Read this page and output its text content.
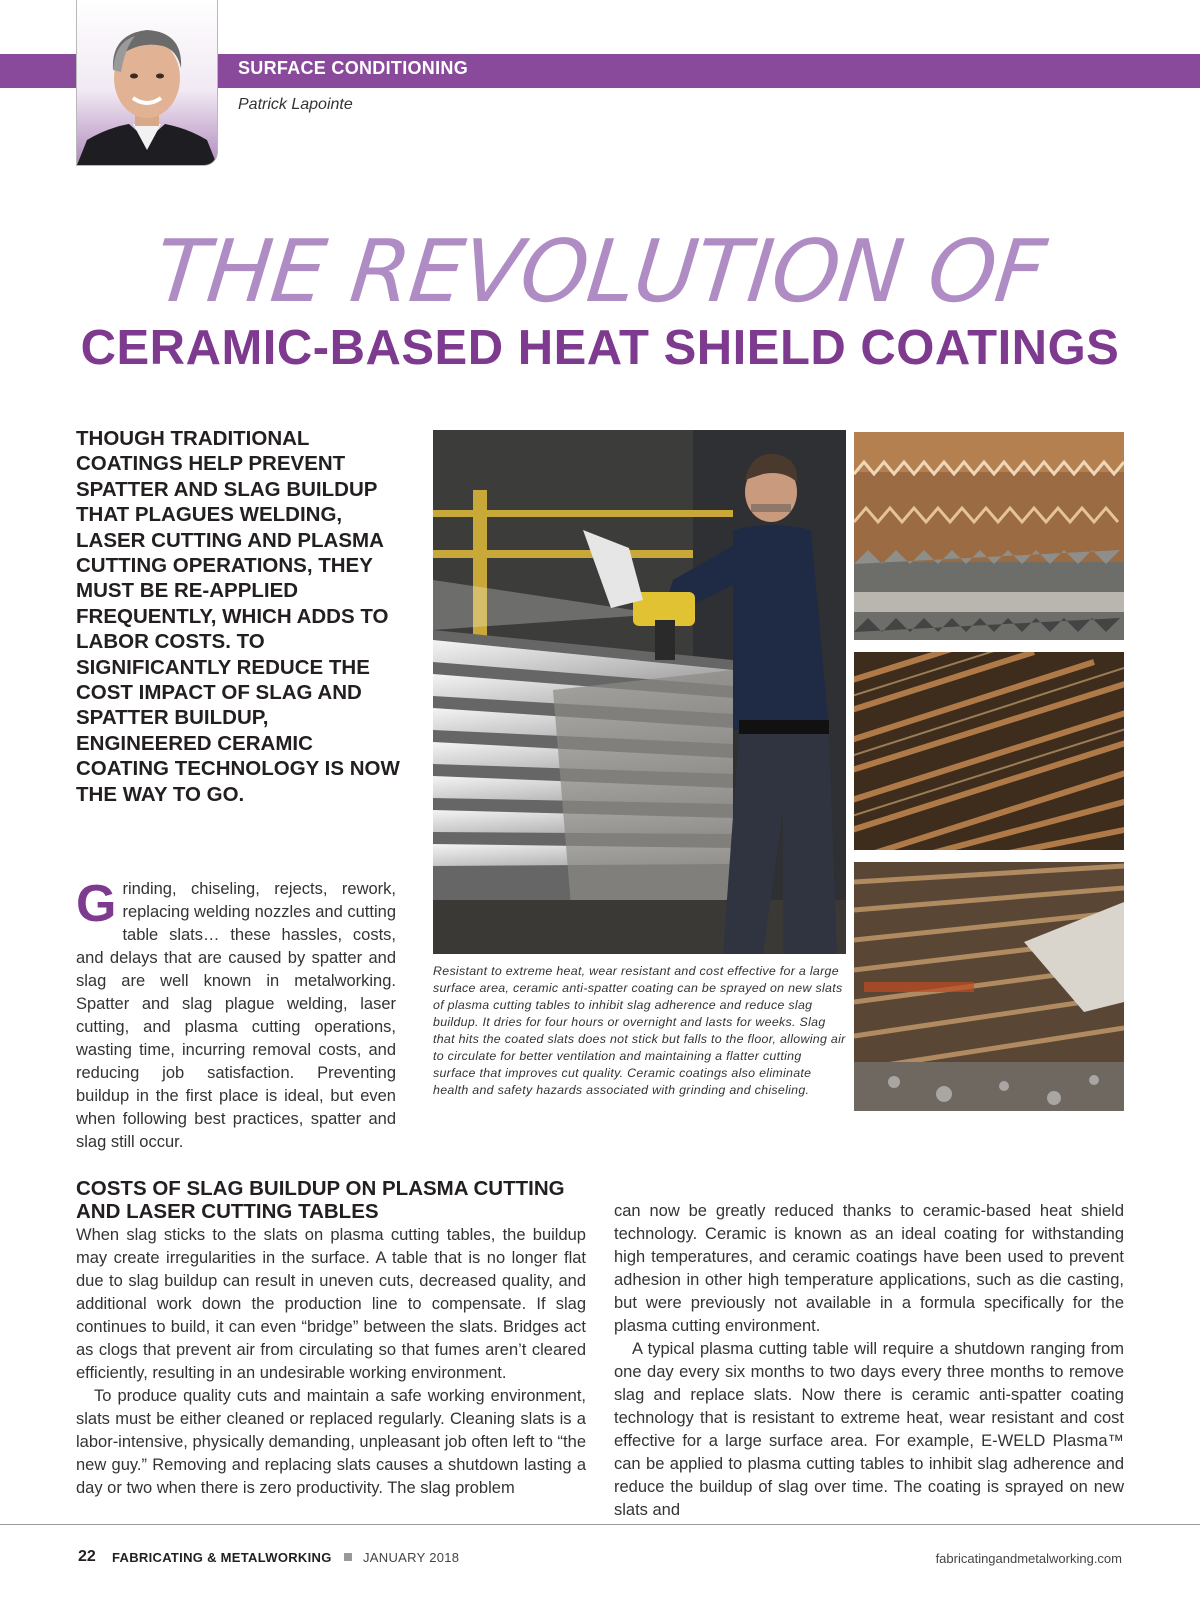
SURFACE CONDITIONING
Patrick Lapointe
THE REVOLUTION OF
CERAMIC-BASED HEAT SHIELD COATINGS
THOUGH TRADITIONAL COATINGS HELP PREVENT SPATTER AND SLAG BUILDUP THAT PLAGUES WELDING, LASER CUTTING AND PLASMA CUTTING OPERATIONS, THEY MUST BE RE-APPLIED FREQUENTLY, WHICH ADDS TO LABOR COSTS. TO SIGNIFICANTLY REDUCE THE COST IMPACT OF SLAG AND SPATTER BUILDUP, ENGINEERED CERAMIC COATING TECHNOLOGY IS NOW THE WAY TO GO.
Grinding, chiseling, rejects, rework, replacing welding nozzles and cutting table slats… these hassles, costs, and delays that are caused by spatter and slag are well known in metalworking. Spatter and slag plague welding, laser cutting, and plasma cutting operations, wasting time, incurring removal costs, and reducing job satisfaction. Preventing buildup in the first place is ideal, but even when following best practices, spatter and slag still occur.
Resistant to extreme heat, wear resistant and cost effective for a large surface area, ceramic anti-spatter coating can be sprayed on new slats of plasma cutting tables to inhibit slag adherence and reduce slag buildup. It dries for four hours or overnight and lasts for weeks. Slag that hits the coated slats does not stick but falls to the floor, allowing air to circulate for better ventilation and maintaining a flatter cutting surface that improves cut quality. Ceramic coatings also eliminate health and safety hazards associated with grinding and chiseling.
COSTS OF SLAG BUILDUP ON PLASMA CUTTING AND LASER CUTTING TABLES

When slag sticks to the slats on plasma cutting tables, the buildup may create irregularities in the surface. A table that is no longer flat due to slag buildup can result in uneven cuts, decreased quality, and additional work down the production line to compensate. If slag continues to build, it can even “bridge” between the slats. Bridges act as clogs that prevent air from circulating so that fumes aren’t cleared efficiently, resulting in an undesirable working environment.

To produce quality cuts and maintain a safe working environment, slats must be either cleaned or replaced regularly. Cleaning slats is a labor-intensive, physically demanding, unpleasant job often left to “the new guy.” Removing and replacing slats causes a shutdown lasting a day or two when there is zero productivity. The slag problem

can now be greatly reduced thanks to ceramic-based heat shield technology. Ceramic is known as an ideal coating for withstanding high temperatures, and ceramic coatings have been used to prevent adhesion in other high temperature applications, such as die casting, but were previously not available in a formula specifically for the plasma cutting environment.

A typical plasma cutting table will require a shutdown ranging from one day every six months to two days every three months to remove slag and replace slats. Now there is ceramic anti-spatter coating technology that is resistant to extreme heat, wear resistant and cost effective for a large surface area. For example, E-WELD Plasma™ can be applied to plasma cutting tables to inhibit slag adherence and reduce the buildup of slag over time. The coating is sprayed on new slats and

22 FABRICATING & METALWORKING JANUARY 2018	fabricatingandmetalworking.com
